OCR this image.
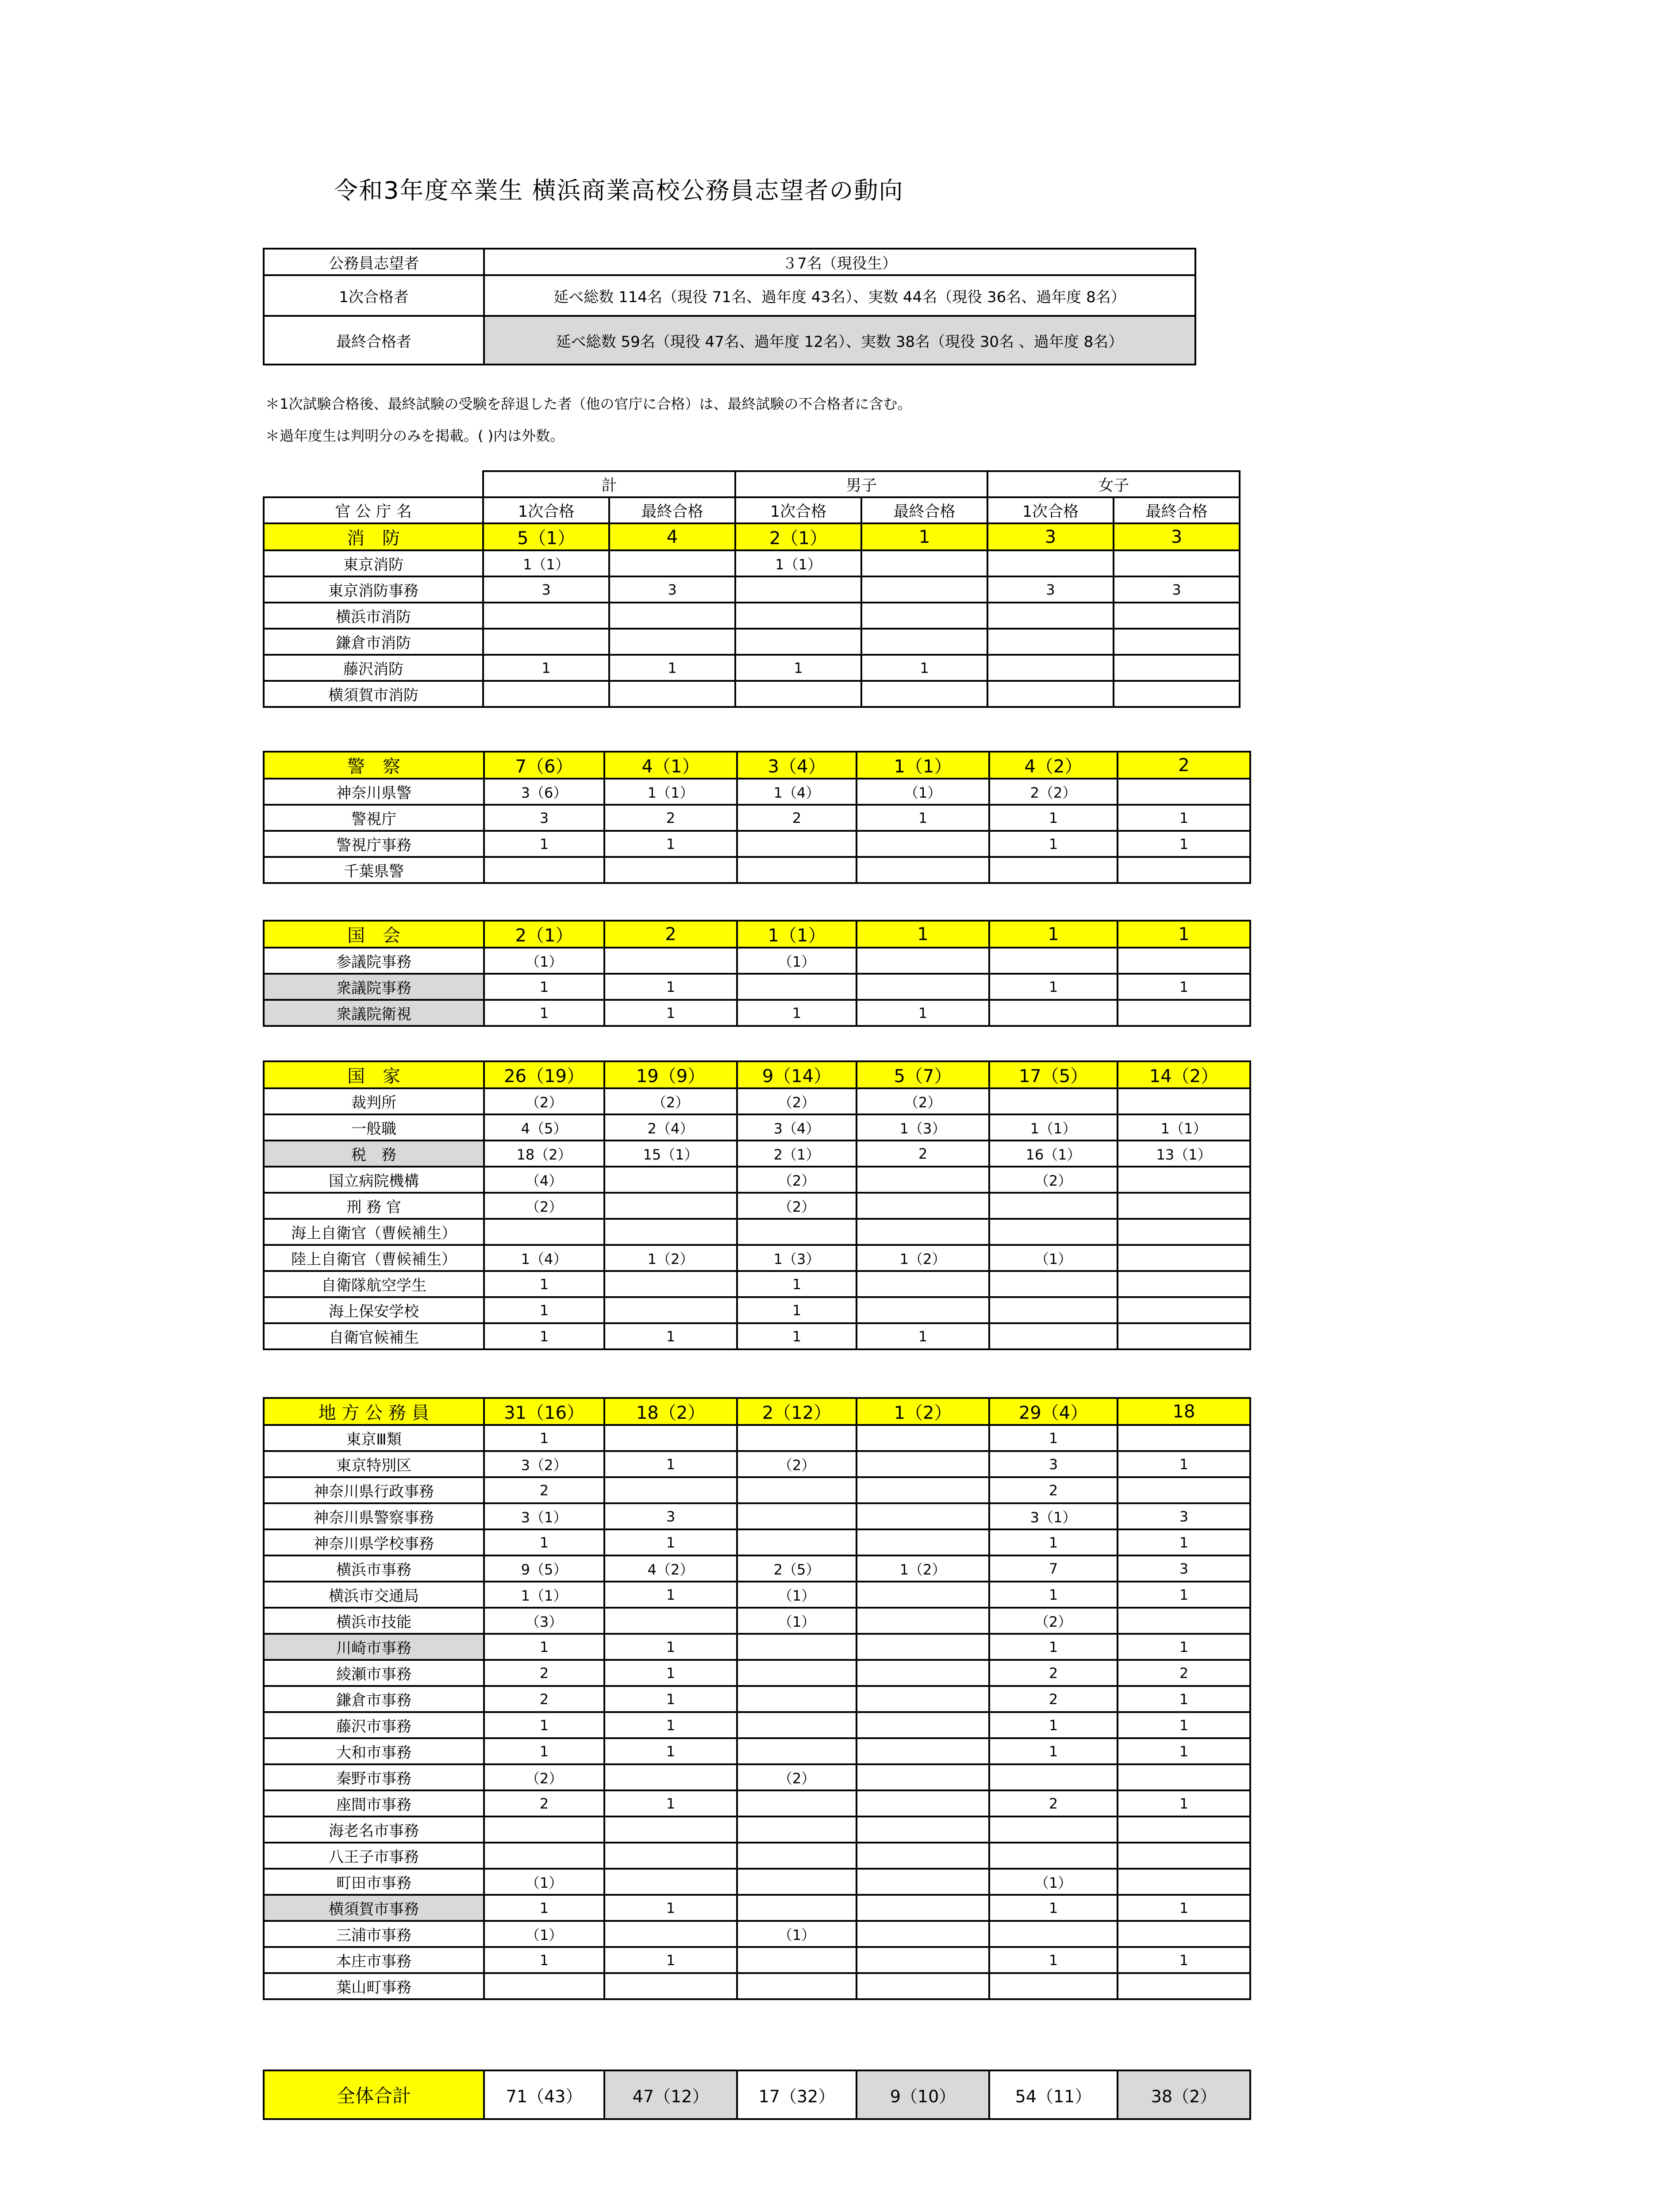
令和3年度卒業生 横浜商業高校公務員志望者の動向
公務員志望者	３7名（現役生）
1次合格者	延べ総数 114名（現役 71名、過年度 43名）、実数 44名（現役 36名、過年度 8名）
最終合格者	延べ総数 59名（現役 47名、過年度 12名）、実数 38名（現役 30名 、過年度 8名）
＊1次試験合格後、最終試験の受験を辞退した者（他の官庁に合格）は、最終試験の不合格者に含む。
＊過年度生は判明分のみを掲載。( )内は外数。
	計		男子		女子	
官 公 庁 名	1次合格	最終合格	1次合格	最終合格	1次合格	最終合格
消　防	5（1）	4	2（1）	1	3	3
東京消防	1（1）		1（1）			
東京消防事務	3	3			3	3
横浜市消防						
鎌倉市消防						
藤沢消防	1	1	1	1		
横須賀市消防						
警　察	7（6）	4（1）	3（4）	1（1）	4（2）	2
神奈川県警	3（6）	1（1）	1（4）	（1）	2（2）	
警視庁	3	2	2	1	1	1
警視庁事務	1	1			1	1
千葉県警						
国　会	2（1）	2	1（1）	1	1	1
参議院事務	（1）		（1）			
衆議院事務	1	1			1	1
衆議院衛視	1	1	1	1		
国　家	26（19）	19（9）	9（14）	5（7）	17（5）	14（2）
裁判所	（2）	（2）	（2）	（2）		
一般職	4（5）	2（4）	3（4）	1（3）	1（1）	1（1）
税　務	18（2）	15（1）	2（1）	2	16（1）	13（1）
国立病院機構	（4）		（2）		（2）	
刑 務 官	（2）		（2）			
海上自衛官（曹候補生）						
陸上自衛官（曹候補生）	1（4）	1（2）	1（3）	1（2）	（1）	
自衛隊航空学生	1		1			
海上保安学校	1		1			
自衛官候補生	1	1	1	1		
地 方 公 務 員	31（16）	18（2）	2（12）	1（2）	29（4）	18
東京Ⅲ類	1				1	
東京特別区	3（2）	1	（2）		3	1
神奈川県行政事務	2				2	
神奈川県警察事務	3（1）	3			3（1）	3
神奈川県学校事務	1	1			1	1
横浜市事務	9（5）	4（2）	2（5）	1（2）	7	3
横浜市交通局	1（1）	1	（1）		1	1
横浜市技能	（3）		（1）		（2）	
川崎市事務	1	1			1	1
綾瀬市事務	2	1			2	2
鎌倉市事務	2	1			2	1
藤沢市事務	1	1			1	1
大和市事務	1	1			1	1
秦野市事務	（2）		（2）			
座間市事務	2	1			2	1
海老名市事務						
八王子市事務						
町田市事務	（1）				（1）	
横須賀市事務	1	1			1	1
三浦市事務	（1）		（1）			
本庄市事務	1	1			1	1
葉山町事務						
全体合計	71（43）	47（12）	17（32）	9（10）	54（11）	38（2）
